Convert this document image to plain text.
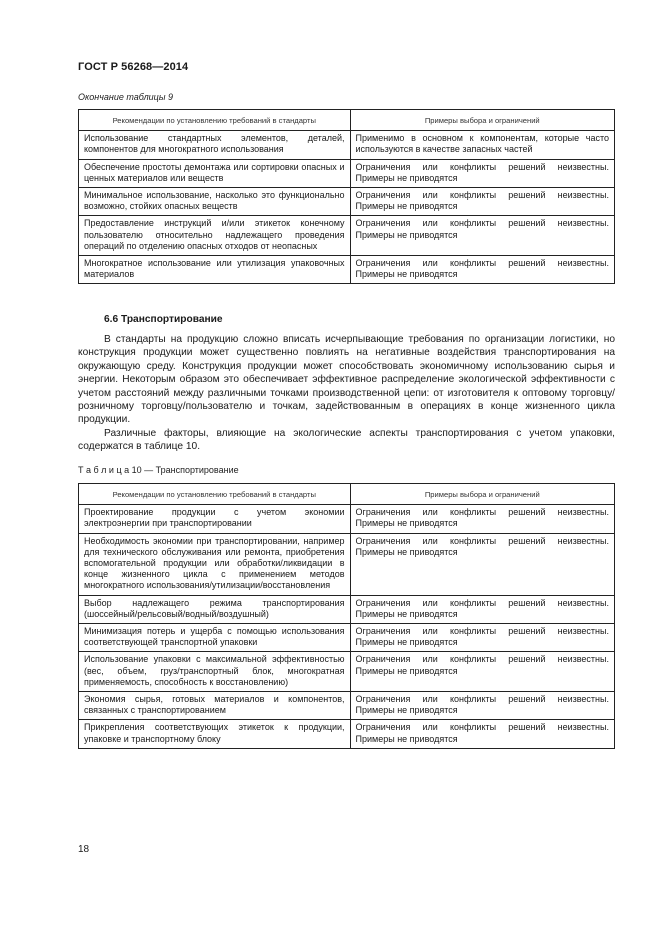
ГОСТ Р 56268—2014
Окончание таблицы 9
Рекомендации по установлению требований в стандарты	Примеры выбора и ограничений
Использование стандартных элементов, деталей, компонентов для многократного использования	Применимо в основном к компонентам, которые часто используются в качестве запасных частей
Обеспечение простоты демонтажа или сортировки опасных и ценных материалов или веществ	Ограничения или конфликты решений неизвестны. Примеры не приводятся
Минимальное использование, насколько это функционально возможно, стойких опасных веществ	Ограничения или конфликты решений неизвестны. Примеры не приводятся
Предоставление инструкций и/или этикеток конечному пользователю относительно надлежащего проведения операций по отделению опасных отходов от неопасных	Ограничения или конфликты решений неизвестны. Примеры не приводятся
Многократное использование или утилизация упаковочных материалов	Ограничения или конфликты решений неизвестны. Примеры не приводятся
6.6 Транспортирование

В стандарты на продукцию сложно вписать исчерпывающие требования по организации логистики, но конструкция продукции может существенно повлиять на негативные воздействия транспортирования на окружающую среду. Конструкция продукции может способствовать экономичному использованию сырья и энергии. Некоторым образом это обеспечивает эффективное распределение экологической эффективности с учетом расстояний между различными точками производственной цепи: от изготовителя к оптовому торговцу/розничному торговцу/пользователю и точкам, задействованным в операциях в конце жизненного цикла продукции.

Различные факторы, влияющие на экологические аспекты транспортирования с учетом упаковки, содержатся в таблице 10.

Т а б л и ц а 10 — Транспортирование
Рекомендации по установлению требований в стандарты	Примеры выбора и ограничений
Проектирование продукции с учетом экономии электроэнергии при транспортировании	Ограничения или конфликты решений неизвестны. Примеры не приводятся
Необходимость экономии при транспортировании, например для технического обслуживания или ремонта, приобретения вспомогательной продукции или обработки/ликвидации в конце жизненного цикла с применением методов многократного использования/утилизации/восстановления	Ограничения или конфликты решений неизвестны. Примеры не приводятся
Выбор надлежащего режима транспортирования (шоссейный/рельсовый/водный/воздушный)	Ограничения или конфликты решений неизвестны. Примеры не приводятся
Минимизация потерь и ущерба с помощью использования соответствующей транспортной упаковки	Ограничения или конфликты решений неизвестны. Примеры не приводятся
Использование упаковки с максимальной эффективностью (вес, объем, груз/транспортный блок, многократная применяемость, способность к восстановлению)	Ограничения или конфликты решений неизвестны. Примеры не приводятся
Экономия сырья, готовых материалов и компонентов, связанных с транспортированием	Ограничения или конфликты решений неизвестны. Примеры не приводятся
Прикрепления соответствующих этикеток к продукции, упаковке и транспортному блоку	Ограничения или конфликты решений неизвестны. Примеры не приводятся
18
